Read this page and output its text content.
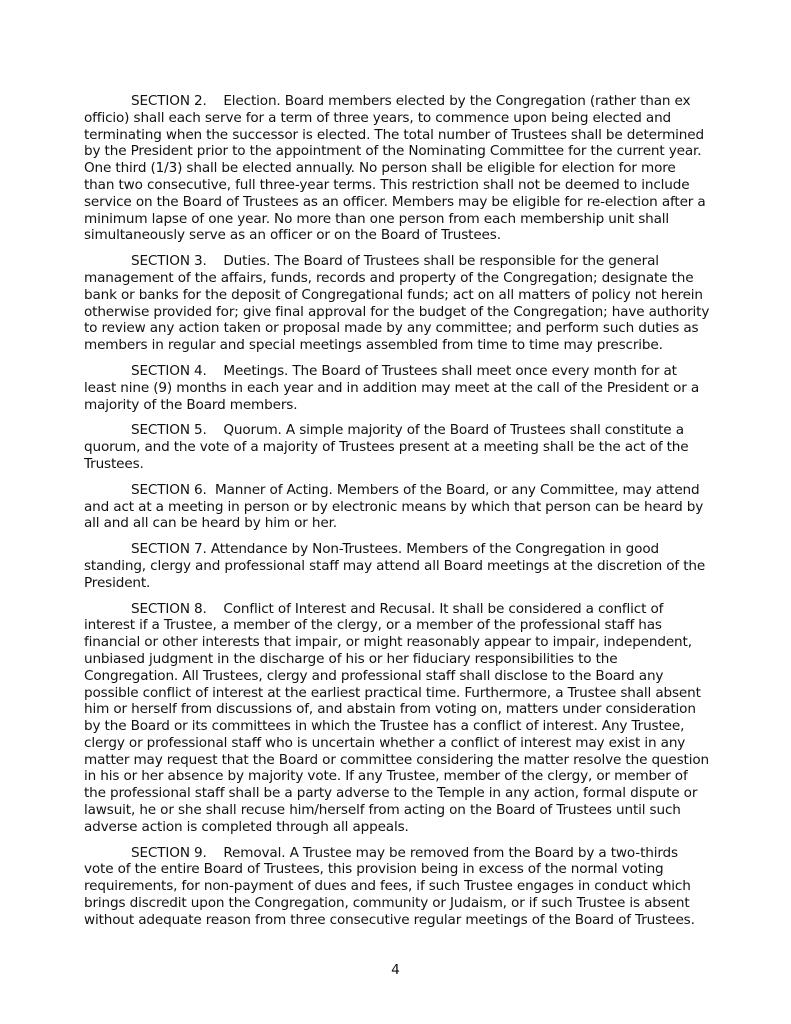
SECTION 2.    Election. Board members elected by the Congregation (rather than ex officio) shall each serve for a term of three years, to commence upon being elected and terminating when the successor is elected. The total number of Trustees shall be determined by the President prior to the appointment of the Nominating Committee for the current year. One third (1/3) shall be elected annually. No person shall be eligible for election for more than two consecutive, full three-year terms. This restriction shall not be deemed to include service on the Board of Trustees as an officer. Members may be eligible for re-election after a minimum lapse of one year. No more than one person from each membership unit shall simultaneously serve as an officer or on the Board of Trustees.

SECTION 3.    Duties. The Board of Trustees shall be responsible for the general management of the affairs, funds, records and property of the Congregation; designate the bank or banks for the deposit of Congregational funds; act on all matters of policy not herein otherwise provided for; give final approval for the budget of the Congregation; have authority to review any action taken or proposal made by any committee; and perform such duties as members in regular and special meetings assembled from time to time may prescribe.

SECTION 4.    Meetings. The Board of Trustees shall meet once every month for at least nine (9) months in each year and in addition may meet at the call of the President or a majority of the Board members.

SECTION 5.    Quorum. A simple majority of the Board of Trustees shall constitute a quorum, and the vote of a majority of Trustees present at a meeting shall be the act of the Trustees.

SECTION 6.  Manner of Acting. Members of the Board, or any Committee, may attend and act at a meeting in person or by electronic means by which that person can be heard by all and all can be heard by him or her.

SECTION 7. Attendance by Non-Trustees. Members of the Congregation in good standing, clergy and professional staff may attend all Board meetings at the discretion of the President.

SECTION 8.    Conflict of Interest and Recusal. It shall be considered a conflict of interest if a Trustee, a member of the clergy, or a member of the professional staff has financial or other interests that impair, or might reasonably appear to impair, independent, unbiased judgment in the discharge of his or her fiduciary responsibilities to the Congregation. All Trustees, clergy and professional staff shall disclose to the Board any possible conflict of interest at the earliest practical time. Furthermore, a Trustee shall absent him or herself from discussions of, and abstain from voting on, matters under consideration by the Board or its committees in which the Trustee has a conflict of interest. Any Trustee, clergy or professional staff who is uncertain whether a conflict of interest may exist in any matter may request that the Board or committee considering the matter resolve the question in his or her absence by majority vote. If any Trustee, member of the clergy, or member of the professional staff shall be a party adverse to the Temple in any action, formal dispute or lawsuit, he or she shall recuse him/herself from acting on the Board of Trustees until such adverse action is completed through all appeals.

SECTION 9.    Removal. A Trustee may be removed from the Board by a two-thirds vote of the entire Board of Trustees, this provision being in excess of the normal voting requirements, for non-payment of dues and fees, if such Trustee engages in conduct which brings discredit upon the Congregation, community or Judaism, or if such Trustee is absent without adequate reason from three consecutive regular meetings of the Board of Trustees.

4
